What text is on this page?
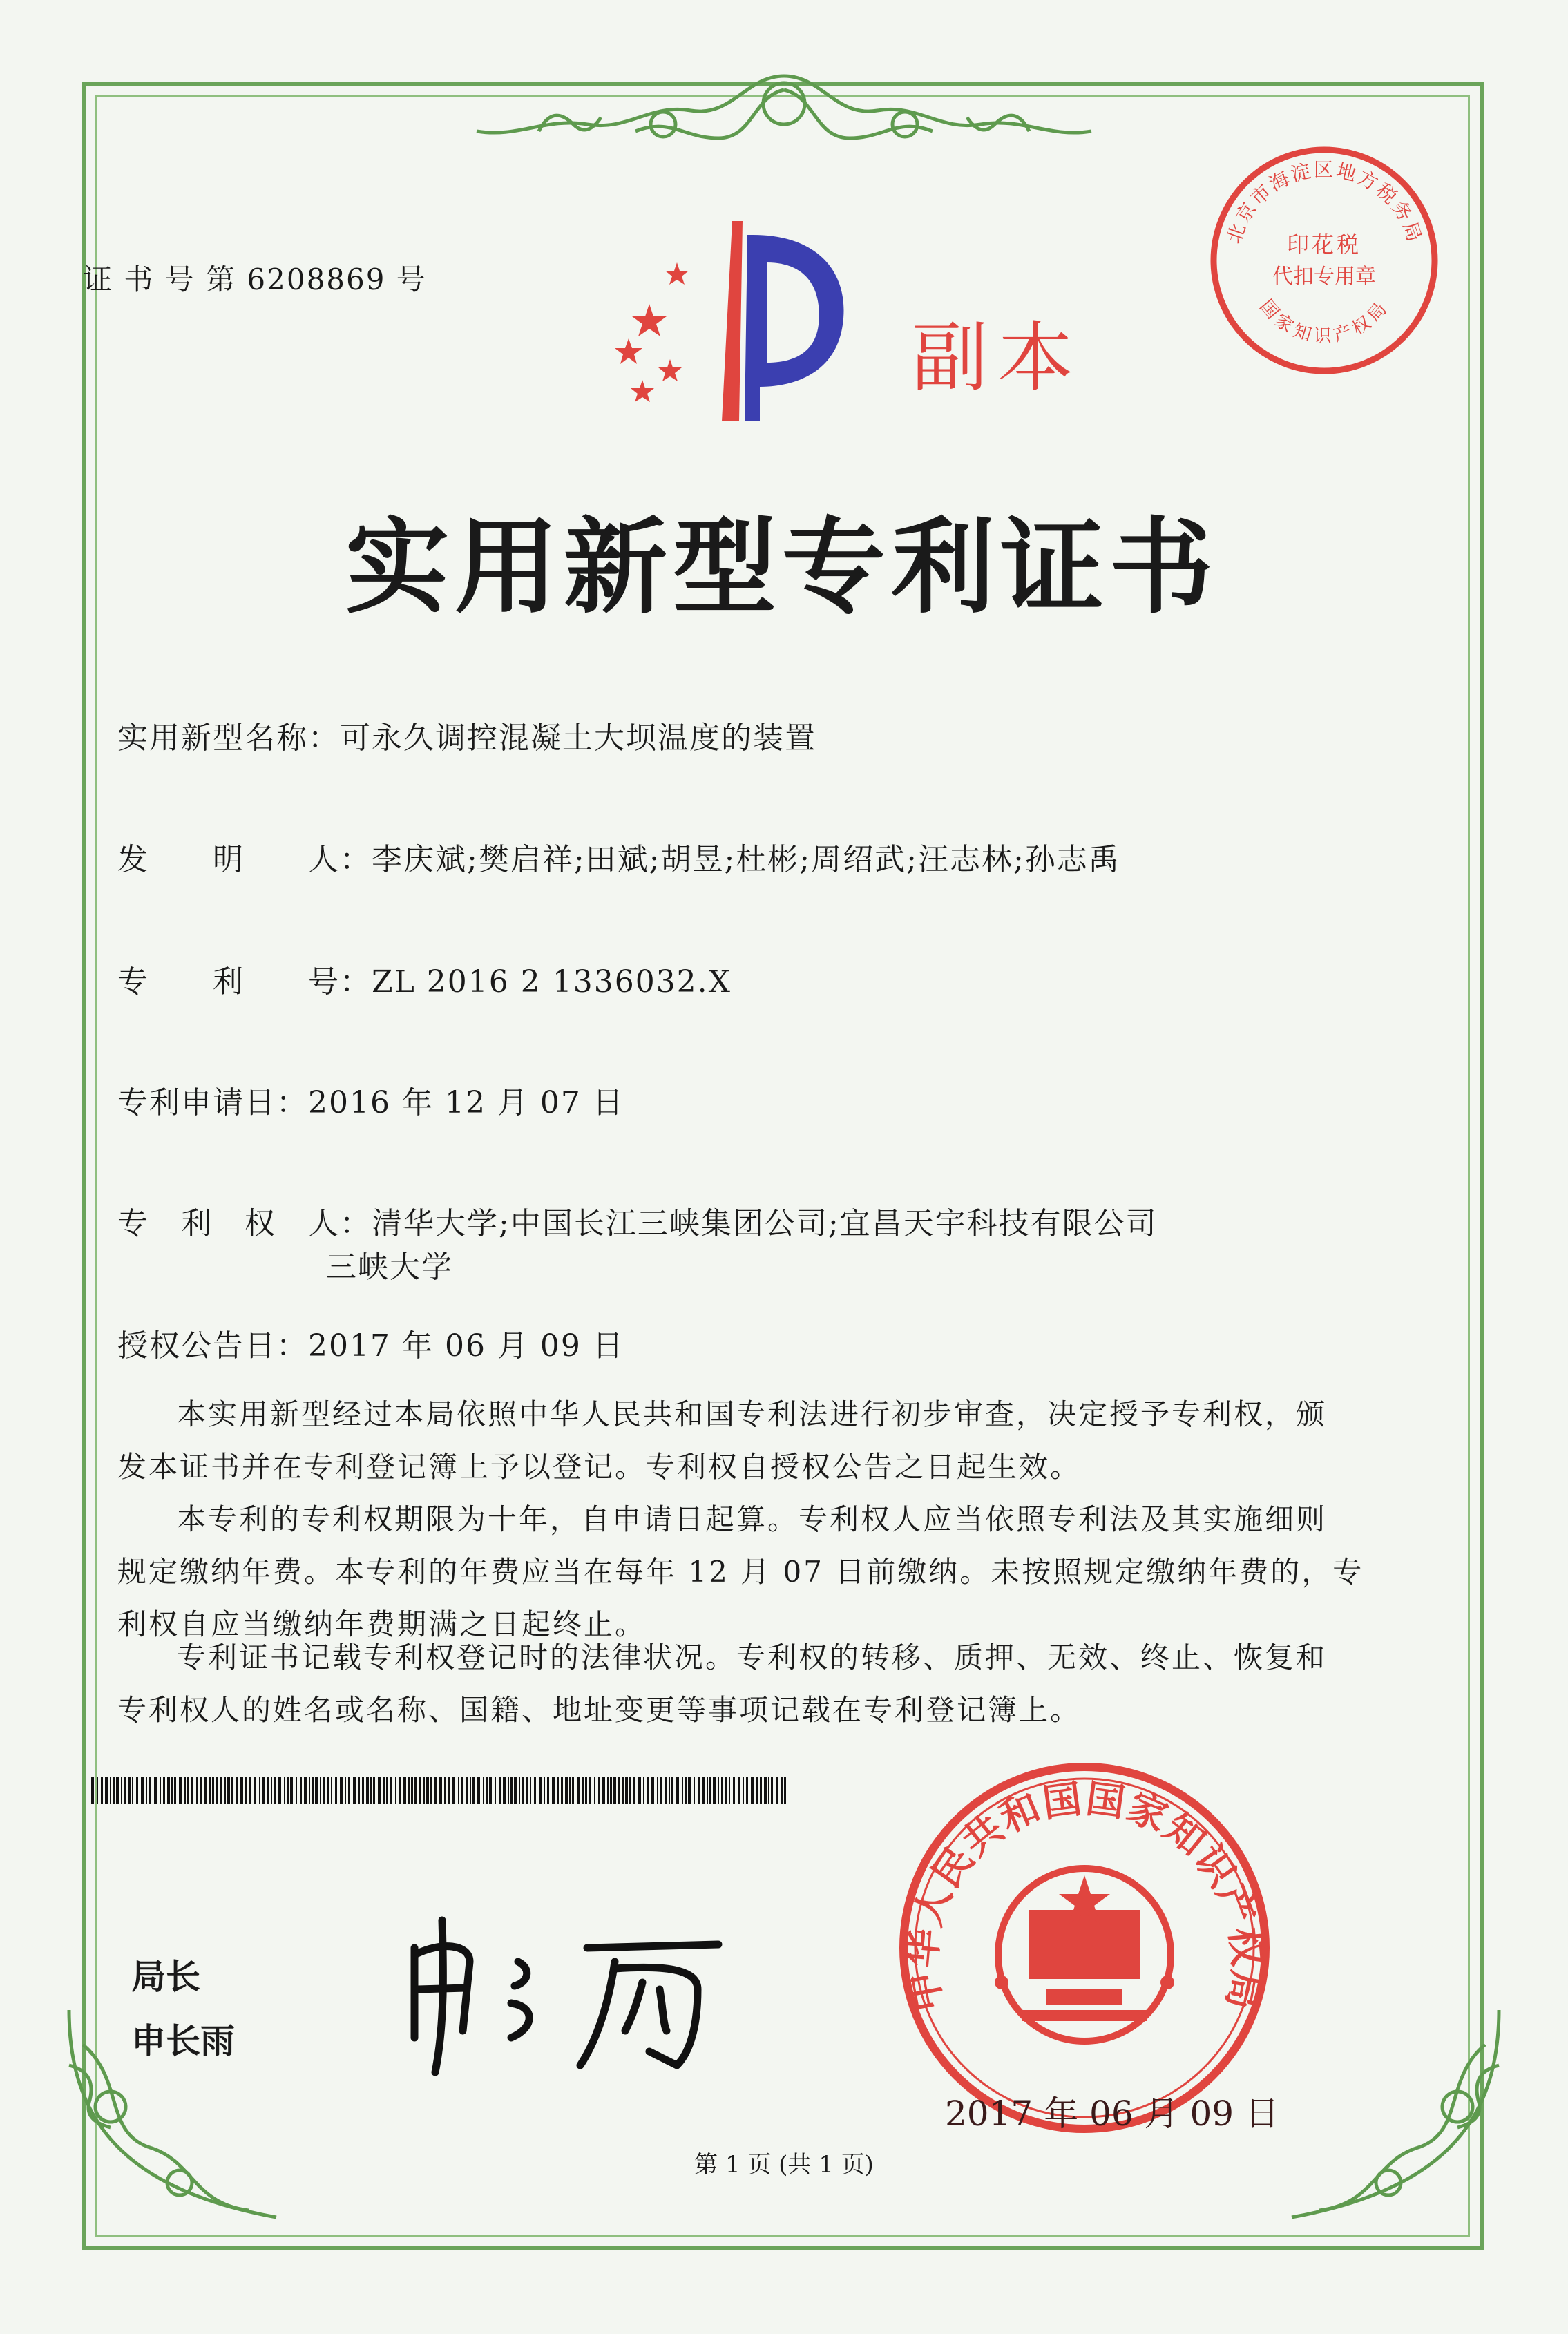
证 书 号 第 6208869 号
副本
北京市海淀区地方税务局
国家知识产权局
印花税
代扣专用章
实用新型专利证书
实用新型名称：可永久调控混凝土大坝温度的装置
发　　明　　人：李庆斌;樊启祥;田斌;胡昱;杜彬;周绍武;汪志林;孙志禹
专　　利　　号：ZL 2016 2 1336032.X
专利申请日：2016 年 12 月 07 日
专　利　权　人：清华大学;中国长江三峡集团公司;宜昌天宇科技有限公司
三峡大学
授权公告日：2017 年 06 月 09 日
本实用新型经过本局依照中华人民共和国专利法进行初步审查，决定授予专利权，颁
发本证书并在专利登记簿上予以登记。专利权自授权公告之日起生效。
本专利的专利权期限为十年，自申请日起算。专利权人应当依照专利法及其实施细则
规定缴纳年费。本专利的年费应当在每年 12 月 07 日前缴纳。未按照规定缴纳年费的，专
利权自应当缴纳年费期满之日起终止。
专利证书记载专利权登记时的法律状况。专利权的转移、质押、无效、终止、恢复和
专利权人的姓名或名称、国籍、地址变更等事项记载在专利登记簿上。
局长
申长雨
中华人民共和国国家知识产权局
2017 年 06 月 09 日
第 1 页 (共 1 页)
